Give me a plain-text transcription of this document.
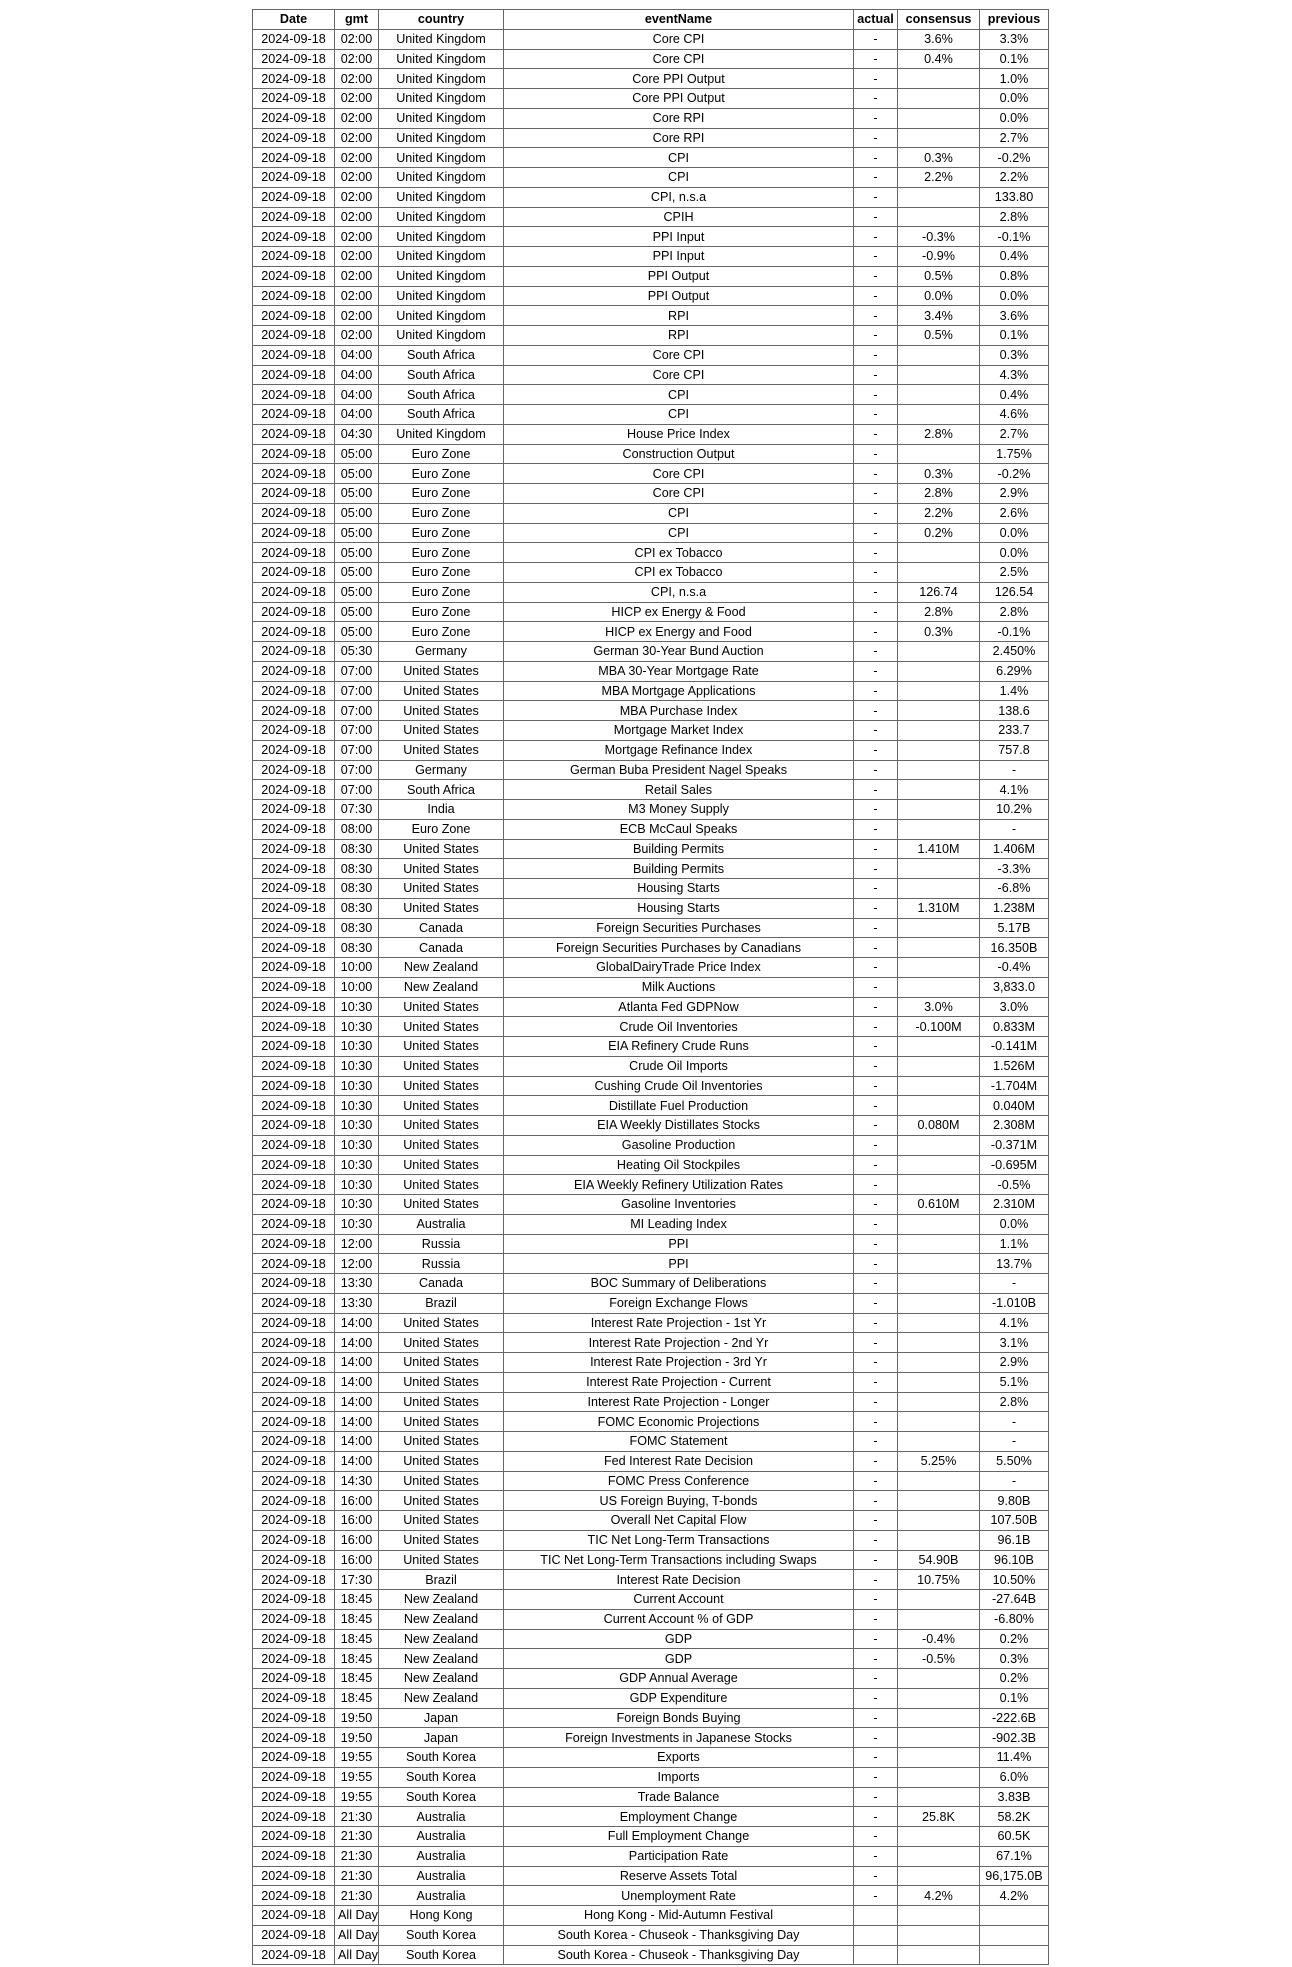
Date	gmt	country	eventName	actual	consensus	previous
2024-09-18	02:00	United Kingdom	Core CPI	-	3.6%	3.3%
2024-09-18	02:00	United Kingdom	Core CPI	-	0.4%	0.1%
2024-09-18	02:00	United Kingdom	Core PPI Output	-		1.0%
2024-09-18	02:00	United Kingdom	Core PPI Output	-		0.0%
2024-09-18	02:00	United Kingdom	Core RPI	-		0.0%
2024-09-18	02:00	United Kingdom	Core RPI	-		2.7%
2024-09-18	02:00	United Kingdom	CPI	-	0.3%	-0.2%
2024-09-18	02:00	United Kingdom	CPI	-	2.2%	2.2%
2024-09-18	02:00	United Kingdom	CPI, n.s.a	-		133.80
2024-09-18	02:00	United Kingdom	CPIH	-		2.8%
2024-09-18	02:00	United Kingdom	PPI Input	-	-0.3%	-0.1%
2024-09-18	02:00	United Kingdom	PPI Input	-	-0.9%	0.4%
2024-09-18	02:00	United Kingdom	PPI Output	-	0.5%	0.8%
2024-09-18	02:00	United Kingdom	PPI Output	-	0.0%	0.0%
2024-09-18	02:00	United Kingdom	RPI	-	3.4%	3.6%
2024-09-18	02:00	United Kingdom	RPI	-	0.5%	0.1%
2024-09-18	04:00	South Africa	Core CPI	-		0.3%
2024-09-18	04:00	South Africa	Core CPI	-		4.3%
2024-09-18	04:00	South Africa	CPI	-		0.4%
2024-09-18	04:00	South Africa	CPI	-		4.6%
2024-09-18	04:30	United Kingdom	House Price Index	-	2.8%	2.7%
2024-09-18	05:00	Euro Zone	Construction Output	-		1.75%
2024-09-18	05:00	Euro Zone	Core CPI	-	0.3%	-0.2%
2024-09-18	05:00	Euro Zone	Core CPI	-	2.8%	2.9%
2024-09-18	05:00	Euro Zone	CPI	-	2.2%	2.6%
2024-09-18	05:00	Euro Zone	CPI	-	0.2%	0.0%
2024-09-18	05:00	Euro Zone	CPI ex Tobacco	-		0.0%
2024-09-18	05:00	Euro Zone	CPI ex Tobacco	-		2.5%
2024-09-18	05:00	Euro Zone	CPI, n.s.a	-	126.74	126.54
2024-09-18	05:00	Euro Zone	HICP ex Energy & Food	-	2.8%	2.8%
2024-09-18	05:00	Euro Zone	HICP ex Energy and Food	-	0.3%	-0.1%
2024-09-18	05:30	Germany	German 30-Year Bund Auction	-		2.450%
2024-09-18	07:00	United States	MBA 30-Year Mortgage Rate	-		6.29%
2024-09-18	07:00	United States	MBA Mortgage Applications	-		1.4%
2024-09-18	07:00	United States	MBA Purchase Index	-		138.6
2024-09-18	07:00	United States	Mortgage Market Index	-		233.7
2024-09-18	07:00	United States	Mortgage Refinance Index	-		757.8
2024-09-18	07:00	Germany	German Buba President Nagel Speaks	-		-
2024-09-18	07:00	South Africa	Retail Sales	-		4.1%
2024-09-18	07:30	India	M3 Money Supply	-		10.2%
2024-09-18	08:00	Euro Zone	ECB McCaul Speaks	-		-
2024-09-18	08:30	United States	Building Permits	-	1.410M	1.406M
2024-09-18	08:30	United States	Building Permits	-		-3.3%
2024-09-18	08:30	United States	Housing Starts	-		-6.8%
2024-09-18	08:30	United States	Housing Starts	-	1.310M	1.238M
2024-09-18	08:30	Canada	Foreign Securities Purchases	-		5.17B
2024-09-18	08:30	Canada	Foreign Securities Purchases by Canadians	-		16.350B
2024-09-18	10:00	New Zealand	GlobalDairyTrade Price Index	-		-0.4%
2024-09-18	10:00	New Zealand	Milk Auctions	-		3,833.0
2024-09-18	10:30	United States	Atlanta Fed GDPNow	-	3.0%	3.0%
2024-09-18	10:30	United States	Crude Oil Inventories	-	-0.100M	0.833M
2024-09-18	10:30	United States	EIA Refinery Crude Runs	-		-0.141M
2024-09-18	10:30	United States	Crude Oil Imports	-		1.526M
2024-09-18	10:30	United States	Cushing Crude Oil Inventories	-		-1.704M
2024-09-18	10:30	United States	Distillate Fuel Production	-		0.040M
2024-09-18	10:30	United States	EIA Weekly Distillates Stocks	-	0.080M	2.308M
2024-09-18	10:30	United States	Gasoline Production	-		-0.371M
2024-09-18	10:30	United States	Heating Oil Stockpiles	-		-0.695M
2024-09-18	10:30	United States	EIA Weekly Refinery Utilization Rates	-		-0.5%
2024-09-18	10:30	United States	Gasoline Inventories	-	0.610M	2.310M
2024-09-18	10:30	Australia	MI Leading Index	-		0.0%
2024-09-18	12:00	Russia	PPI	-		1.1%
2024-09-18	12:00	Russia	PPI	-		13.7%
2024-09-18	13:30	Canada	BOC Summary of Deliberations	-		-
2024-09-18	13:30	Brazil	Foreign Exchange Flows	-		-1.010B
2024-09-18	14:00	United States	Interest Rate Projection - 1st Yr	-		4.1%
2024-09-18	14:00	United States	Interest Rate Projection - 2nd Yr	-		3.1%
2024-09-18	14:00	United States	Interest Rate Projection - 3rd Yr	-		2.9%
2024-09-18	14:00	United States	Interest Rate Projection - Current	-		5.1%
2024-09-18	14:00	United States	Interest Rate Projection - Longer	-		2.8%
2024-09-18	14:00	United States	FOMC Economic Projections	-		-
2024-09-18	14:00	United States	FOMC Statement	-		-
2024-09-18	14:00	United States	Fed Interest Rate Decision	-	5.25%	5.50%
2024-09-18	14:30	United States	FOMC Press Conference	-		-
2024-09-18	16:00	United States	US Foreign Buying, T-bonds	-		9.80B
2024-09-18	16:00	United States	Overall Net Capital Flow	-		107.50B
2024-09-18	16:00	United States	TIC Net Long-Term Transactions	-		96.1B
2024-09-18	16:00	United States	TIC Net Long-Term Transactions including Swaps	-	54.90B	96.10B
2024-09-18	17:30	Brazil	Interest Rate Decision	-	10.75%	10.50%
2024-09-18	18:45	New Zealand	Current Account	-		-27.64B
2024-09-18	18:45	New Zealand	Current Account % of GDP	-		-6.80%
2024-09-18	18:45	New Zealand	GDP	-	-0.4%	0.2%
2024-09-18	18:45	New Zealand	GDP	-	-0.5%	0.3%
2024-09-18	18:45	New Zealand	GDP Annual Average	-		0.2%
2024-09-18	18:45	New Zealand	GDP Expenditure	-		0.1%
2024-09-18	19:50	Japan	Foreign Bonds Buying	-		-222.6B
2024-09-18	19:50	Japan	Foreign Investments in Japanese Stocks	-		-902.3B
2024-09-18	19:55	South Korea	Exports	-		11.4%
2024-09-18	19:55	South Korea	Imports	-		6.0%
2024-09-18	19:55	South Korea	Trade Balance	-		3.83B
2024-09-18	21:30	Australia	Employment Change	-	25.8K	58.2K
2024-09-18	21:30	Australia	Full Employment Change	-		60.5K
2024-09-18	21:30	Australia	Participation Rate	-		67.1%
2024-09-18	21:30	Australia	Reserve Assets Total	-		96,175.0B
2024-09-18	21:30	Australia	Unemployment Rate	-	4.2%	4.2%
2024-09-18	All Day	Hong Kong	Hong Kong - Mid-Autumn Festival			
2024-09-18	All Day	South Korea	South Korea - Chuseok - Thanksgiving Day			
2024-09-18	All Day	South Korea	South Korea - Chuseok - Thanksgiving Day			
